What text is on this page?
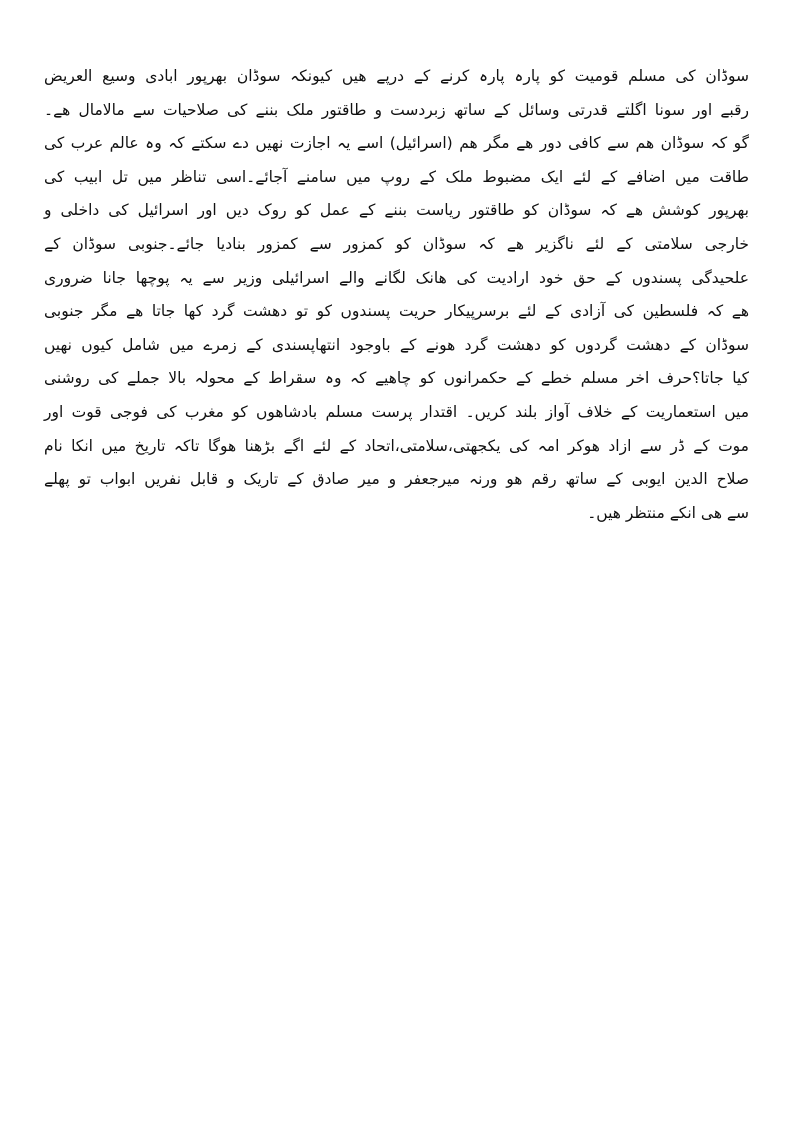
سوڈان کی مسلم قومیت کو پارہ پارہ کرنے کے درپے ھیں کیونکہ سوڈان بھرپور ابادی وسیع العریض
رقبے اور سونا اگلتے قدرتی وسائل کے ساتھ زبردست و طاقتور ملک بننے کی صلاحیات سے مالامال ھے۔
گو کہ سوڈان ھم سے کافی دور ھے مگر ھم (اسرائیل) اسے یہ اجازت نھیں دے سکتے کہ وہ عالم عرب کی
طاقت میں اضافے کے لئے ایک مضبوط ملک کے روپ میں سامنے آجائے۔اسی تناظر میں تل ابیب کی
بھرپور کوشش ھے کہ سوڈان کو طاقتور ریاست بننے کے عمل کو روک دیں اور اسرائیل کی داخلی و
خارجی سلامتی کے لئے ناگزیر ھے کہ سوڈان کو کمزور سے کمزور بنادیا جائے۔جنوبی سوڈان کے
علحیدگی پسندوں کے حق خود ارادیت کی ھانک لگانے والے اسرائیلی وزیر سے یہ پوچھا جانا ضروری
ھے کہ فلسطین کی آزادی کے لئے برسرپیکار حریت پسندوں کو تو دھشت گرد کھا جاتا ھے مگر جنوبی
سوڈان کے دھشت گردوں کو دھشت گرد ھونے کے باوجود انتھاپسندی کے زمرے میں شامل کیوں نھیں
کیا جاتا؟حرف اخر مسلم خطے کے حکمرانوں کو چاھیے کہ وہ سقراط کے محولہ بالا جملے کی روشنی
میں استعماریت کے خلاف آواز بلند کریں۔ اقتدار پرست مسلم بادشاھوں کو مغرب کی فوجی قوت اور
موت کے ڈر سے ازاد ھوکر امہ کی یکجھتی،سلامتی،اتحاد کے لئے اگے بڑھنا ھوگا تاکہ تاریخ میں انکا نام
صلاح الدین ایوبی کے ساتھ رقم ھو ورنہ میرجعفر و میر صادق کے تاریک و قابل نفریں ابواب تو پھلے
سے ھی انکے منتظر ھیں۔
